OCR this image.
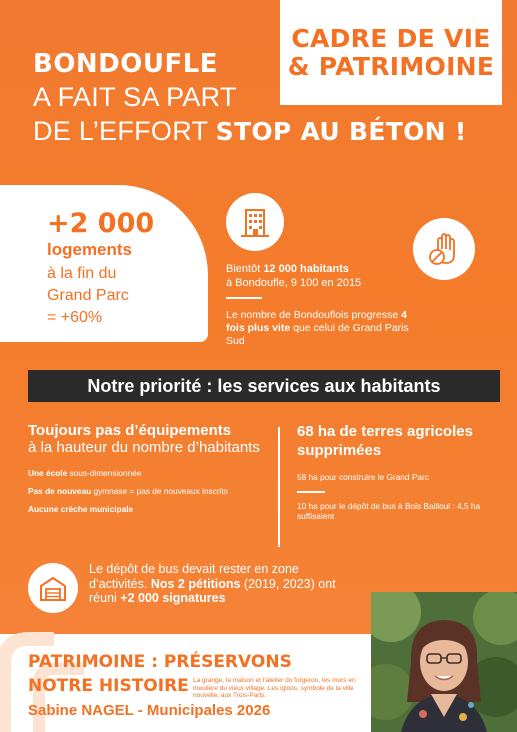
CADRE DE VIE
& PATRIMOINE
BONDOUFLE
A FAIT SA PART
DE L’EFFORT STOP AU BÉTON !
+2 000
logements
à la fin du
Grand Parc
= +60%
Bientôt 12 000 habitants
à Bondoufle, 9 100 en 2015
Le nombre de Bondouflois progresse 4 fois plus vite que celui de Grand Paris Sud
Notre priorité : les services aux habitants
Toujours pas d’équipements
à la hauteur du nombre d’habitants
Une école sous-dimensionnée
Pas de nouveau gymnase = pas de nouveaux inscrits
Aucune crèche municipale
68 ha de terres agricoles supprimées
58 ha pour construire le Grand Parc
10 ha pour le dépôt de bus à Bois Bailloul : 4,5 ha suffisaient
Le dépôt de bus devait rester en zone d’activités. Nos 2 pétitions (2019, 2023) ont réuni +2 000 signatures
PATRIMOINE : PRÉSERVONS
NOTRE HISTOIRE La grange, la maison et l’atelier du forgeron, les murs en meulière du vieux village. Les igloos, symbole de la ville nouvelle, aux Trois-Parts.
Sabine NAGEL - Municipales 2026
